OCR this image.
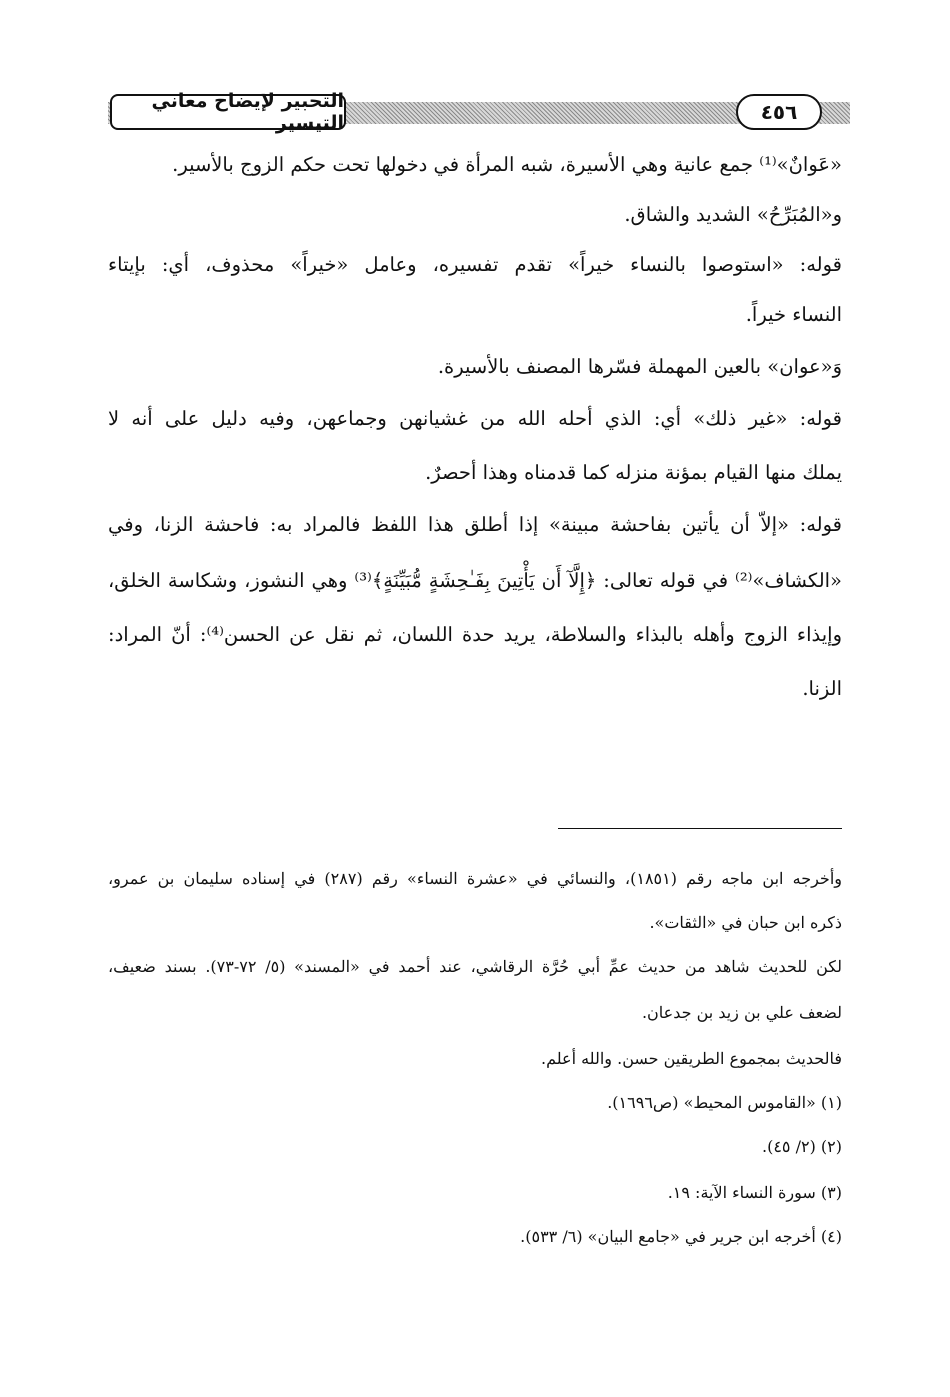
التحبير لإيضاح معاني التيسير	٤٥٦
«عَوانٌ»⁽¹⁾ جمع عانية وهي الأسيرة، شبه المرأة في دخولها تحت حكم الزوج بالأسير.
و«المُبَرِّحُ» الشديد والشاق.
قوله: «استوصوا بالنساء خيراً» تقدم تفسيره، وعامل «خيراً» محذوف، أي: بإيتاء
النساء خيراً.
وَ«عوان» بالعين المهملة فسّرها المصنف بالأسيرة.
قوله: «غير ذلك» أي: الذي أحله الله من غشيانهن وجماعهن، وفيه دليل على أنه لا
يملك منها القيام بمؤنة منزله كما قدمناه وهذا أحصرٌ.
قوله: «إلاّ أن يأتين بفاحشة مبينة» إذا أطلق هذا اللفظ فالمراد به: فاحشة الزنا، وفي
«الكشاف»⁽²⁾ في قوله تعالى: ﴿إِلَّآ أَن يَأْتِينَ بِفَـٰحِشَةٍ مُّبَيِّنَةٍ﴾⁽³⁾ وهي النشوز، وشكاسة الخلق،
وإيذاء الزوج وأهله بالبذاء والسلاطة، يريد حدة اللسان، ثم نقل عن الحسن⁽⁴⁾: أنّ المراد:
الزنا.
وأخرجه ابن ماجه رقم (١٨٥١)، والنسائي في «عشرة النساء» رقم (٢٨٧) في إسناده سليمان بن عمرو،
ذكره ابن حبان في «الثقات».
لكن للحديث شاهد من حديث عمِّ أبي حُرَّة الرقاشي، عند أحمد في «المسند» (٥/ ٧٢-٧٣). بسند ضعيف،
لضعف علي بن زيد بن جدعان.
فالحديث بمجموع الطريقين حسن. والله أعلم.
(١) «القاموس المحيط» (ص١٦٩٦).
(٢) (٢/ ٤٥).
(٣) سورة النساء الآية: ١٩.
(٤) أخرجه ابن جرير في «جامع البيان» (٦/ ٥٣٣).
